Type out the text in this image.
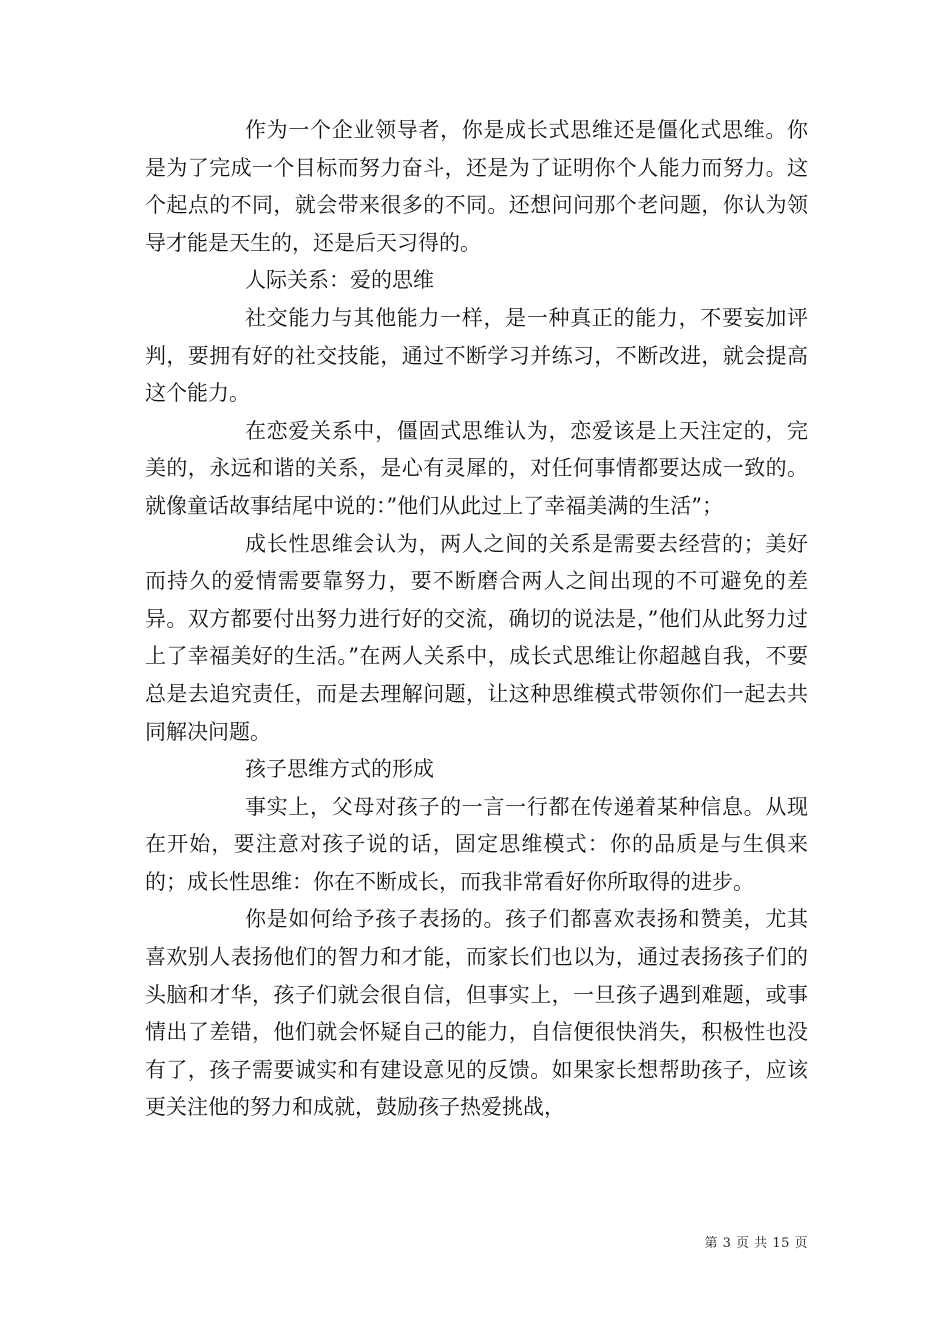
作为一个企业领导者，你是成长式思维还是僵化式思维。你是为了完成一个目标而努力奋斗，还是为了证明你个人能力而努力。这个起点的不同，就会带来很多的不同。还想问问那个老问题，你认为领导才能是天生的，还是后天习得的。

人际关系：爱的思维

社交能力与其他能力一样，是一种真正的能力，不要妄加评判，要拥有好的社交技能，通过不断学习并练习，不断改进，就会提高这个能力。

在恋爱关系中，僵固式思维认为，恋爱该是上天注定的，完美的，永远和谐的关系，是心有灵犀的，对任何事情都要达成一致的。就像童话故事结尾中说的：”他们从此过上了幸福美满的生活”；

成长性思维会认为，两人之间的关系是需要去经营的；美好而持久的爱情需要靠努力，要不断磨合两人之间出现的不可避免的差异。双方都要付出努力进行好的交流，确切的说法是，”他们从此努力过上了幸福美好的生活。”在两人关系中，成长式思维让你超越自我，不要总是去追究责任，而是去理解问题，让这种思维模式带领你们一起去共同解决问题。

孩子思维方式的形成

事实上，父母对孩子的一言一行都在传递着某种信息。从现在开始，要注意对孩子说的话，固定思维模式：你的品质是与生俱来的；成长性思维：你在不断成长，而我非常看好你所取得的进步。

你是如何给予孩子表扬的。孩子们都喜欢表扬和赞美，尤其喜欢别人表扬他们的智力和才能，而家长们也以为，通过表扬孩子们的头脑和才华，孩子们就会很自信，但事实上，一旦孩子遇到难题，或事情出了差错，他们就会怀疑自己的能力，自信便很快消失，积极性也没有了，孩子需要诚实和有建设意见的反馈。如果家长想帮助孩子，应该更关注他的努力和成就，鼓励孩子热爱挑战，

第 3 页 共 15 页
